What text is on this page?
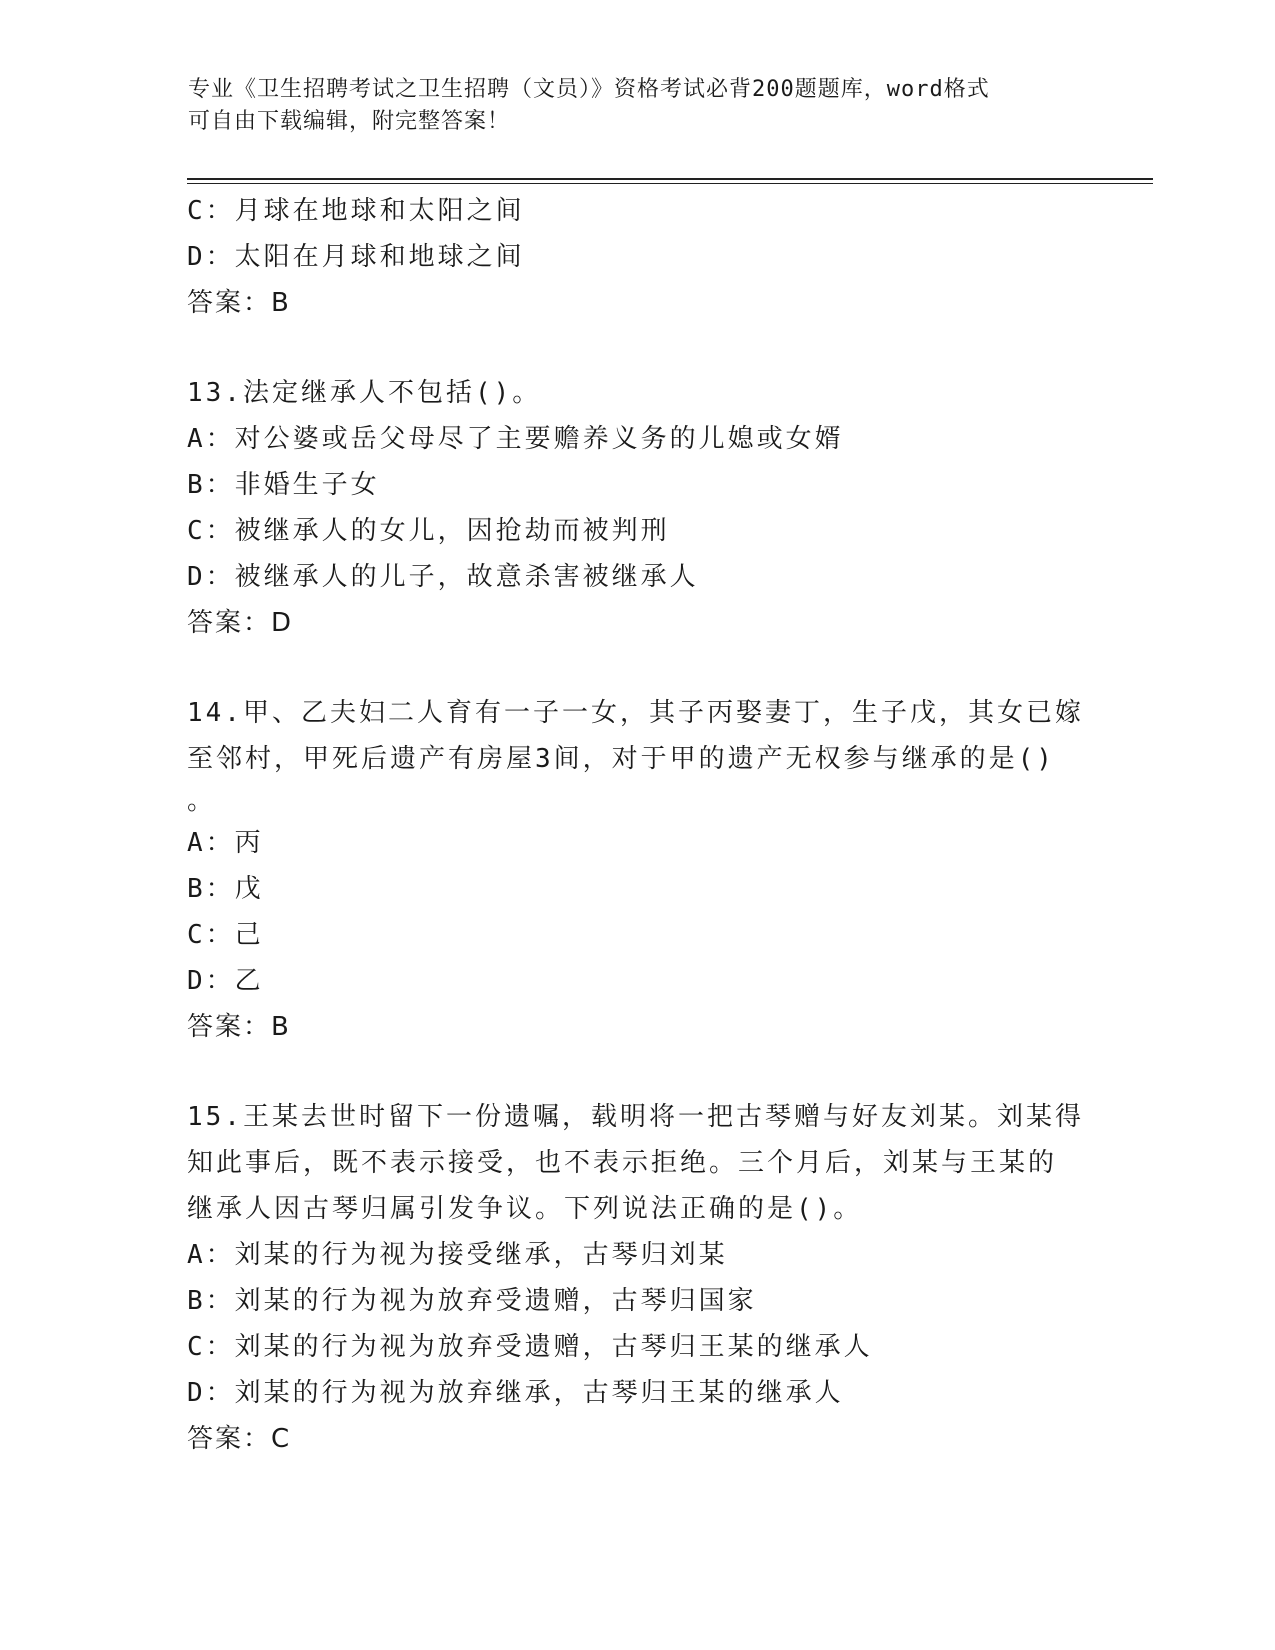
专业《卫生招聘考试之卫生招聘（文员）》资格考试必背200题题库，word格式
可自由下载编辑，附完整答案！
C：月球在地球和太阳之间
D：太阳在月球和地球之间
答案：B
13.法定继承人不包括()。
A：对公婆或岳父母尽了主要赡养义务的儿媳或女婿
B：非婚生子女
C：被继承人的女儿，因抢劫而被判刑
D：被继承人的儿子，故意杀害被继承人
答案：D
14.甲、乙夫妇二人育有一子一女，其子丙娶妻丁，生子戊，其女已嫁
至邻村，甲死后遗产有房屋3间，对于甲的遗产无权参与继承的是()
。
A：丙
B：戊
C：己
D：乙
答案：B
15.王某去世时留下一份遗嘱，载明将一把古琴赠与好友刘某。刘某得
知此事后，既不表示接受，也不表示拒绝。三个月后，刘某与王某的
继承人因古琴归属引发争议。下列说法正确的是()。
A：刘某的行为视为接受继承，古琴归刘某
B：刘某的行为视为放弃受遗赠，古琴归国家
C：刘某的行为视为放弃受遗赠，古琴归王某的继承人
D：刘某的行为视为放弃继承，古琴归王某的继承人
答案：C
